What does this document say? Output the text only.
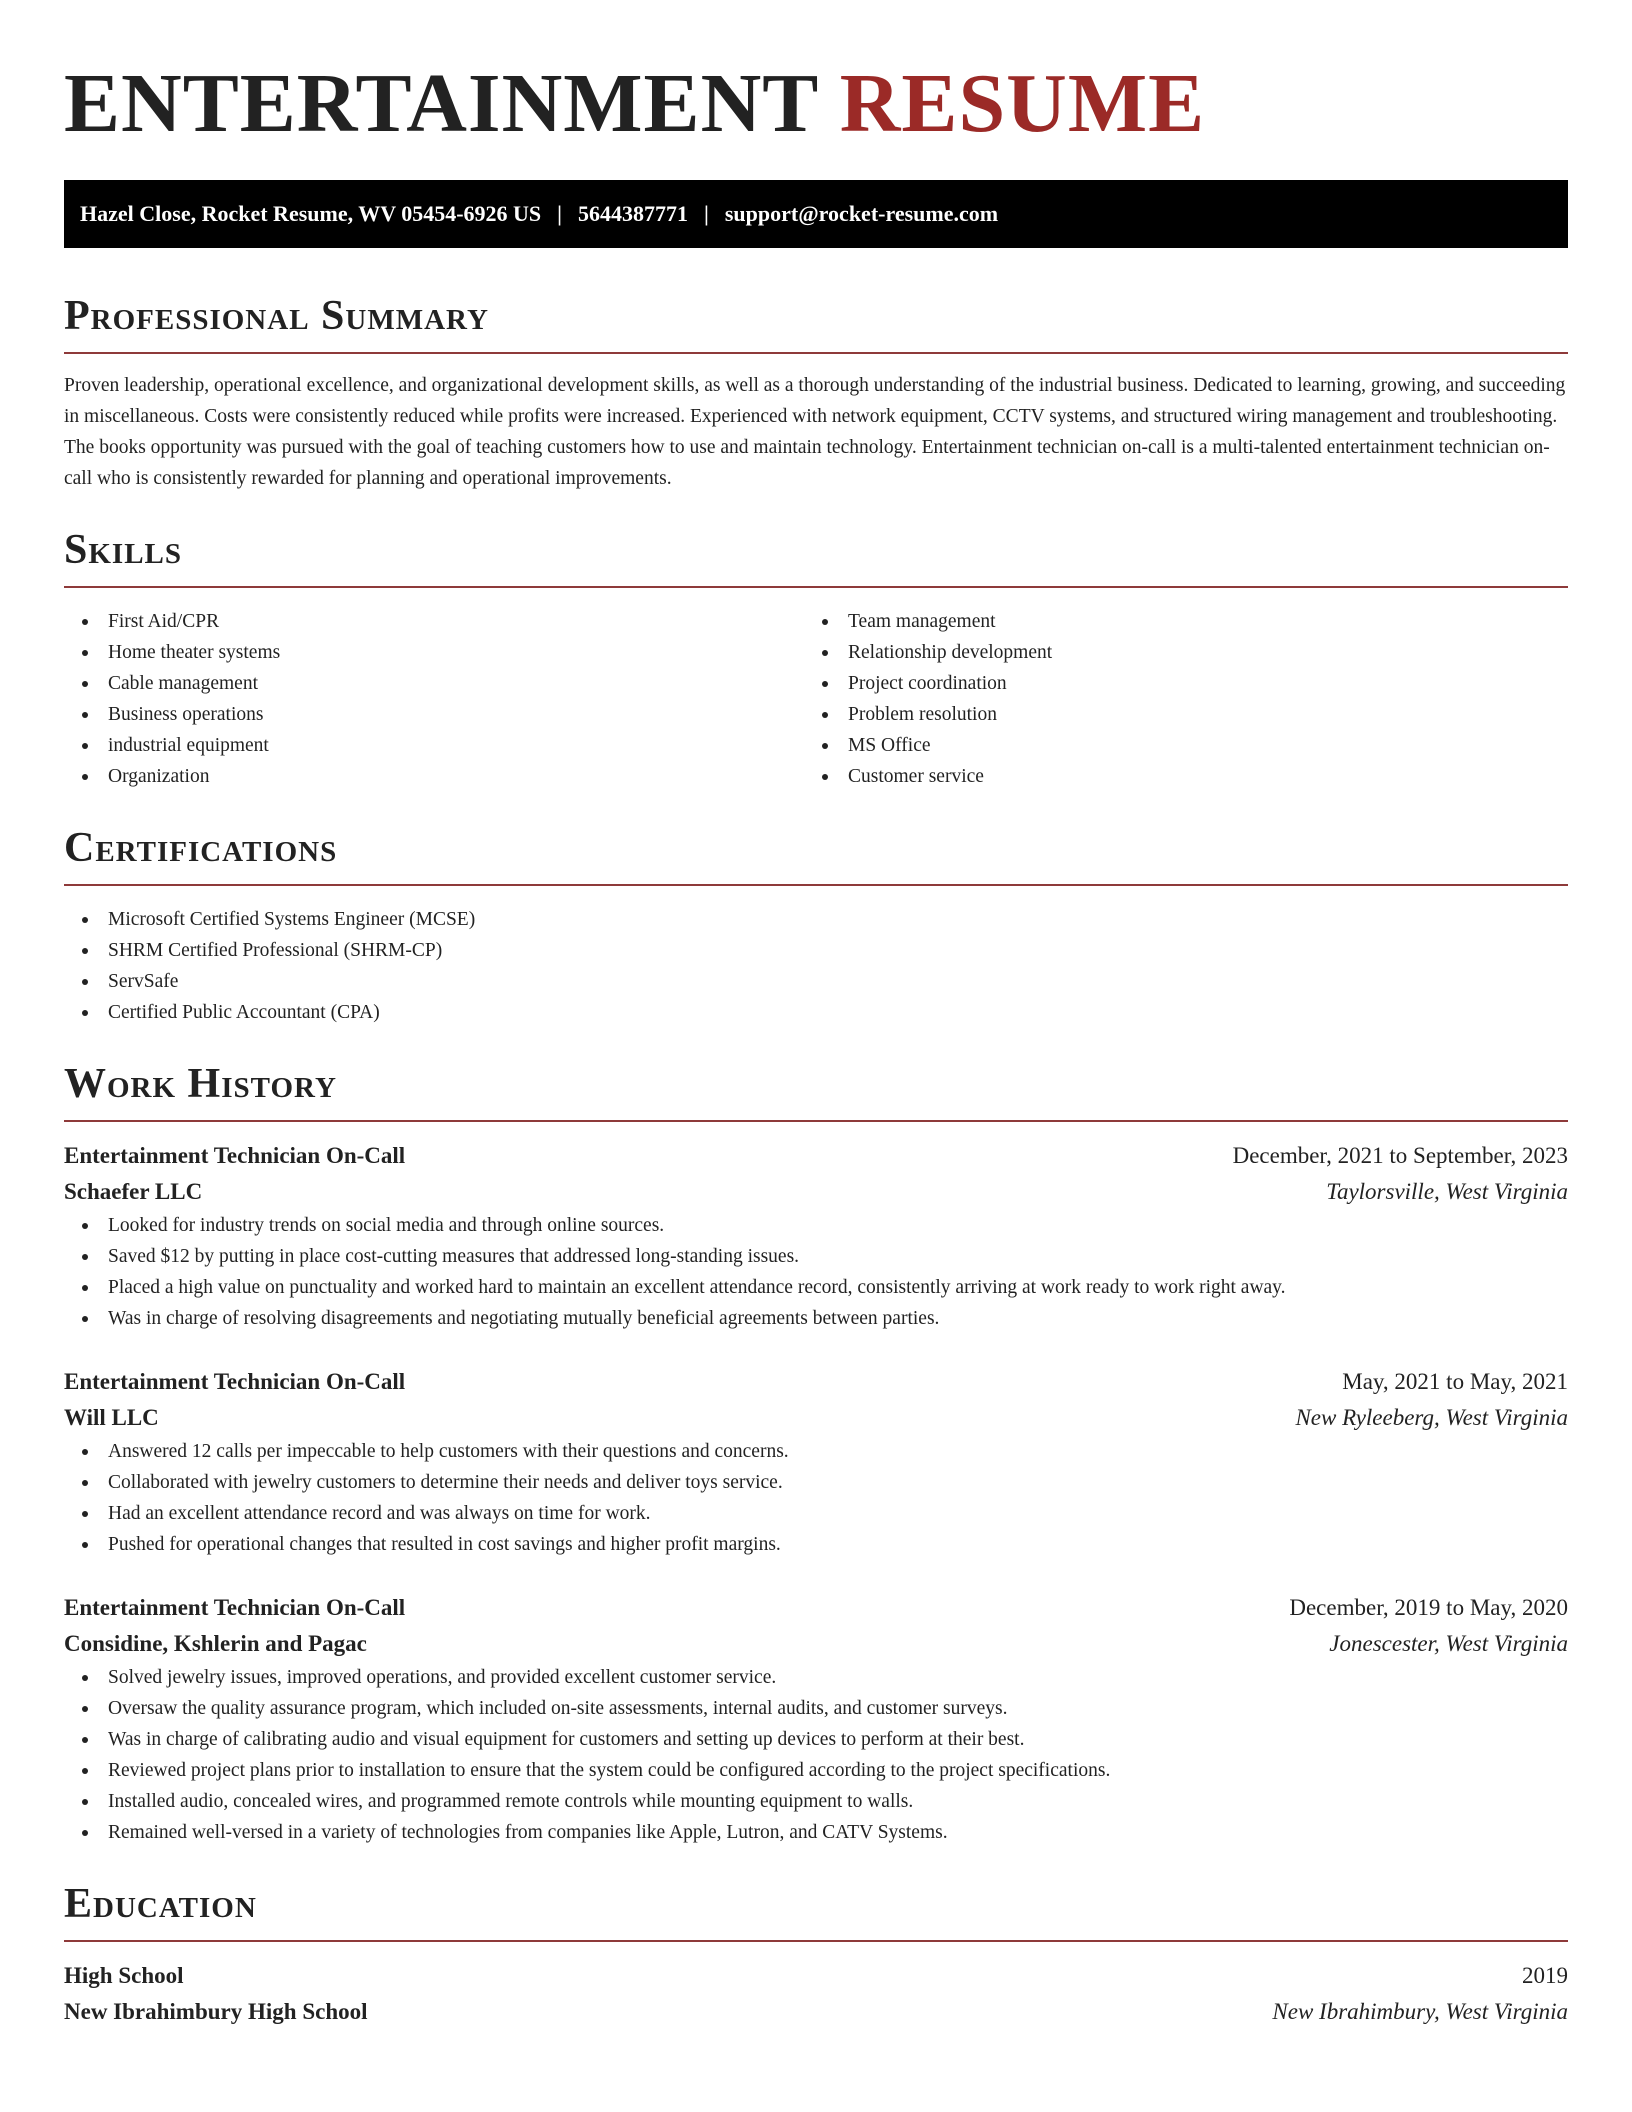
ENTERTAINMENT RESUME
Hazel Close, Rocket Resume, WV 05454-6926 US | 5644387771 | support@rocket-resume.com
Professional Summary

Proven leadership, operational excellence, and organizational development skills, as well as a thorough understanding of the industrial business. Dedicated to learning, growing, and succeeding in miscellaneous. Costs were consistently reduced while profits were increased. Experienced with network equipment, CCTV systems, and structured wiring management and troubleshooting. The books opportunity was pursued with the goal of teaching customers how to use and maintain technology. Entertainment technician on-call is a multi-talented entertainment technician on-call who is consistently rewarded for planning and operational improvements.

Skills
First Aid/CPR
Home theater systems
Cable management
Business operations
industrial equipment
Organization
Team management
Relationship development
Project coordination
Problem resolution
MS Office
Customer service
Certifications
Microsoft Certified Systems Engineer (MCSE)
SHRM Certified Professional (SHRM-CP)
ServSafe
Certified Public Accountant (CPA)
Work History
Entertainment Technician On-Call	December, 2021 to September, 2023
Schaefer LLC	Taylorsville, West Virginia
Looked for industry trends on social media and through online sources.
Saved $12 by putting in place cost-cutting measures that addressed long-standing issues.
Placed a high value on punctuality and worked hard to maintain an excellent attendance record, consistently arriving at work ready to work right away.
Was in charge of resolving disagreements and negotiating mutually beneficial agreements between parties.
Entertainment Technician On-Call	May, 2021 to May, 2021
Will LLC	New Ryleeberg, West Virginia
Answered 12 calls per impeccable to help customers with their questions and concerns.
Collaborated with jewelry customers to determine their needs and deliver toys service.
Had an excellent attendance record and was always on time for work.
Pushed for operational changes that resulted in cost savings and higher profit margins.
Entertainment Technician On-Call	December, 2019 to May, 2020
Considine, Kshlerin and Pagac	Jonescester, West Virginia
Solved jewelry issues, improved operations, and provided excellent customer service.
Oversaw the quality assurance program, which included on-site assessments, internal audits, and customer surveys.
Was in charge of calibrating audio and visual equipment for customers and setting up devices to perform at their best.
Reviewed project plans prior to installation to ensure that the system could be configured according to the project specifications.
Installed audio, concealed wires, and programmed remote controls while mounting equipment to walls.
Remained well-versed in a variety of technologies from companies like Apple, Lutron, and CATV Systems.
Education
High School	2019
New Ibrahimbury High School	New Ibrahimbury, West Virginia
